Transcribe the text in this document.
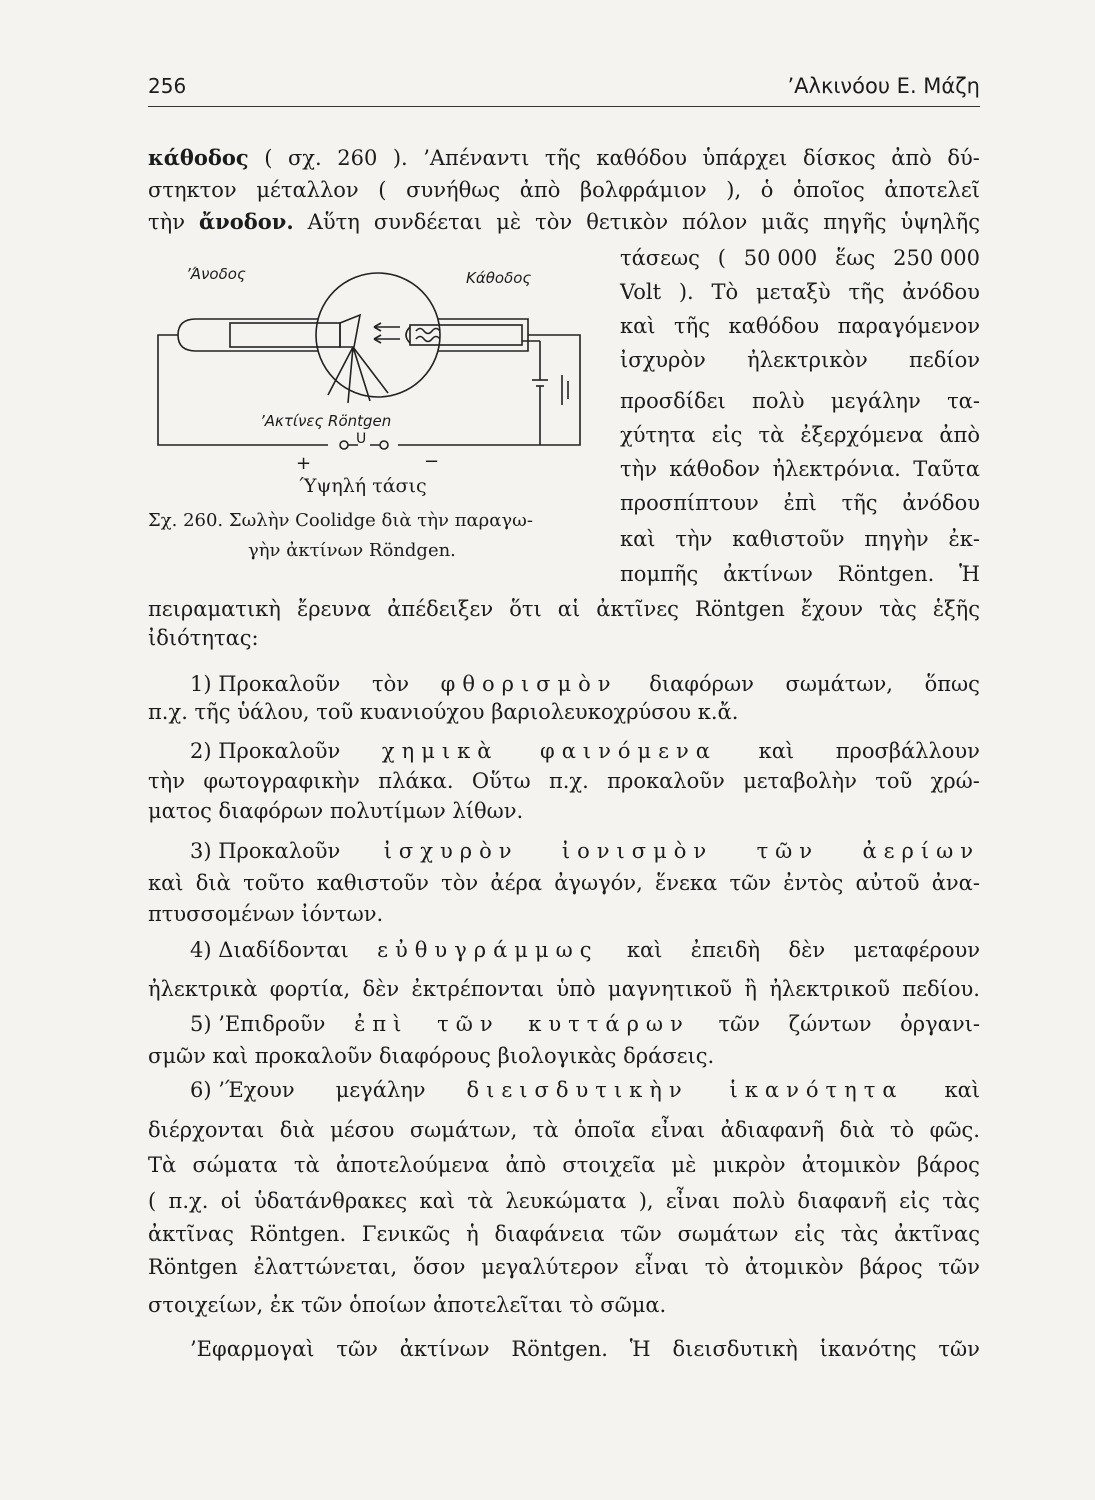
256	’Αλκινόου Ε. Μάζη
κάθοδος ( σχ. 260 ). ’Απέναντι τῆς καθόδου ὑπάρχει δίσκος ἀπὸ δύ-
στηκτον μέταλλον ( συνήθως ἀπὸ βολφράμιον ), ὁ ὁποῖος ἀποτελεῖ
τὴν ἄνοδον. Αὕτη συνδέεται μὲ τὸν θετικὸν πόλον μιᾶς πηγῆς ὑψηλῆς
τάσεως ( 50 000 ἕως 250 000
Volt ). Τὸ μεταξὺ τῆς ἀνόδου
καὶ τῆς καθόδου παραγόμενον
ἰσχυρὸν ἠλεκτρικὸν πεδίον
προσδίδει πολὺ μεγάλην τα-
χύτητα εἰς τὰ ἐξερχόμενα ἀπὸ
τὴν κάθοδον ἠλεκτρόνια. Ταῦτα
προσπίπτουν ἐπὶ τῆς ἀνόδου
καὶ τὴν καθιστοῦν πηγὴν ἐκ-
πομπῆς ἀκτίνων Röntgen. Ἡ
’Άνοδος	Κάθοδος
’Ακτίνες Röntgen
+
U
−
Ύψηλή τάσις
Σχ. 260. Σωλὴν Coolidge διὰ τὴν παραγω-
γὴν ἀκτίνων Röndgen.
πειραματικὴ ἔρευνα ἀπέδειξεν ὅτι αἱ ἀκτῖνες Röntgen ἔχουν τὰς ἑξῆς
ἰδιότητας:
1) Προκαλοῦν τὸν φθορισμὸν διαφόρων σωμάτων, ὅπως
π.χ. τῆς ὑάλου, τοῦ κυανιούχου βαριολευκοχρύσου κ.ἄ.
2) Προκαλοῦν χημικὰ φαινόμενα καὶ προσβάλλουν
τὴν φωτογραφικὴν πλάκα. Οὕτω π.χ. προκαλοῦν μεταβολὴν τοῦ χρώ-
ματος διαφόρων πολυτίμων λίθων.
3) Προκαλοῦν ἰσχυρὸν ἰονισμὸν τῶν ἀερίων
καὶ διὰ τοῦτο καθιστοῦν τὸν ἀέρα ἀγωγόν, ἕνεκα τῶν ἐντὸς αὐτοῦ ἀνα-
πτυσσομένων ἰόντων.
4) Διαδίδονται εὐθυγράμμως καὶ ἐπειδὴ δὲν μεταφέρουν
ἠλεκτρικὰ φορτία, δὲν ἐκτρέπονται ὑπὸ μαγνητικοῦ ἢ ἠλεκτρικοῦ πεδίου.
5) ’Επιδροῦν ἐπὶ τῶν κυττάρων τῶν ζώντων ὀργανι-
σμῶν καὶ προκαλοῦν διαφόρους βιολογικὰς δράσεις.
6) ’Έχουν μεγάλην διεισδυτικὴν ἱκανότητα καὶ
διέρχονται διὰ μέσου σωμάτων, τὰ ὁποῖα εἶναι ἀδιαφανῆ διὰ τὸ φῶς.
Τὰ σώματα τὰ ἀποτελούμενα ἀπὸ στοιχεῖα μὲ μικρὸν ἀτομικὸν βάρος
( π.χ. οἱ ὑδατάνθρακες καὶ τὰ λευκώματα ), εἶναι πολὺ διαφανῆ εἰς τὰς
ἀκτῖνας Röntgen. Γενικῶς ἡ διαφάνεια τῶν σωμάτων εἰς τὰς ἀκτῖνας
Röntgen ἐλαττώνεται, ὅσον μεγαλύτερον εἶναι τὸ ἀτομικὸν βάρος τῶν
στοιχείων, ἐκ τῶν ὁποίων ἀποτελεῖται τὸ σῶμα.
’Εφαρμογαὶ τῶν ἀκτίνων Röntgen. Ἡ διεισδυτικὴ ἱκανότης τῶν
